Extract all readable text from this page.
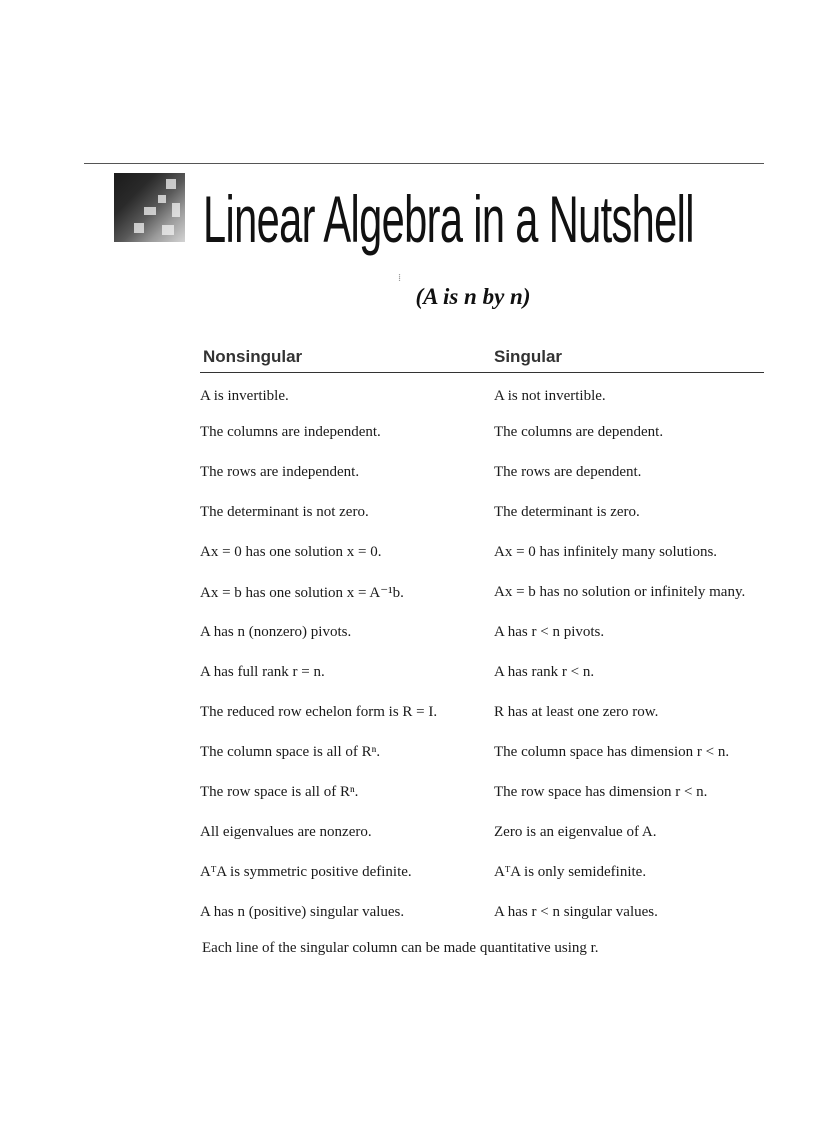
Linear Algebra in a Nutshell
⁞
(A is n by n)
Nonsingular	Singular
A is invertible.	A is not invertible.
The columns are independent.	The columns are dependent.
The rows are independent.	The rows are dependent.
The determinant is not zero.	The determinant is zero.
Ax = 0 has one solution x = 0.	Ax = 0 has infinitely many solutions.
Ax = b has one solution x = A⁻¹b.	Ax = b has no solution or infinitely many.
A has n (nonzero) pivots.	A has r < n pivots.
A has full rank r = n.	A has rank r < n.
The reduced row echelon form is R = I.	R has at least one zero row.
The column space is all of Rⁿ.	The column space has dimension r < n.
The row space is all of Rⁿ.	The row space has dimension r < n.
All eigenvalues are nonzero.	Zero is an eigenvalue of A.
AᵀA is symmetric positive definite.	AᵀA is only semidefinite.
A has n (positive) singular values.	A has r < n singular values.
Each line of the singular column can be made quantitative using r.
